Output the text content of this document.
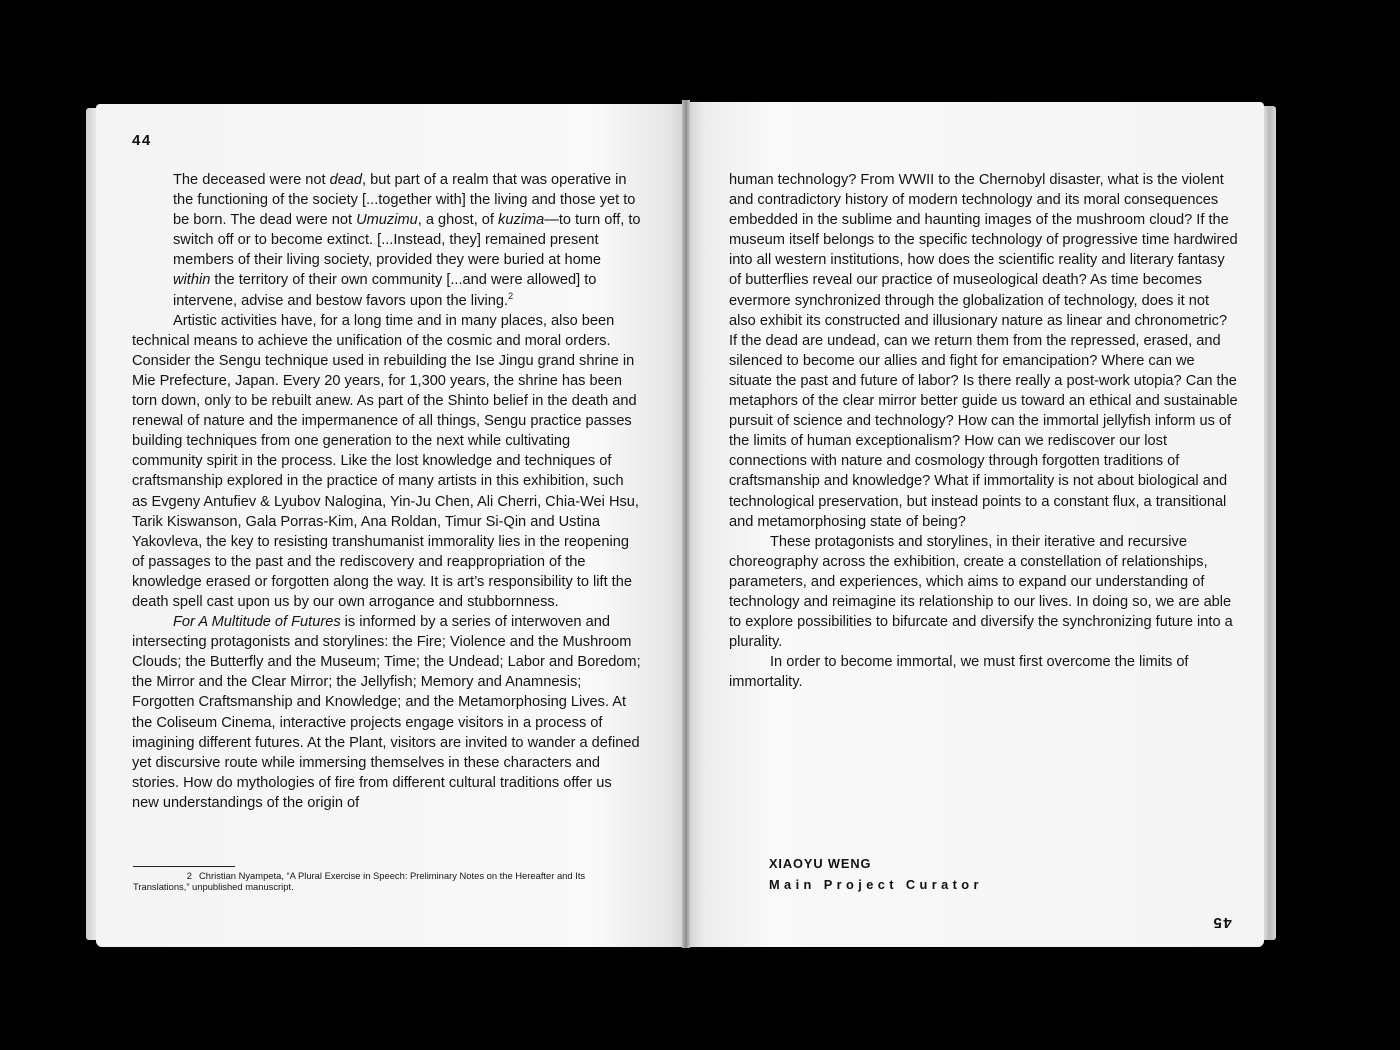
44

The deceased were not dead, but part of a realm that was operative in the functioning of the society [...together with] the living and those yet to be born. The dead were not Umuzimu, a ghost, of kuzima—to turn off, to switch off or to become extinct. [...Instead, they] remained present members of their living society, provided they were buried at home within the territory of their own community [...and were allowed] to intervene, advise and bestow favors upon the living.$^2$

Artistic activities have, for a long time and in many places, also been technical means to achieve the unification of the cosmic and moral orders. Consider the Sengu technique used in rebuilding the Ise Jingu grand shrine in Mie Prefecture, Japan. Every 20 years, for 1,300 years, the shrine has been torn down, only to be rebuilt anew. As part of the Shinto belief in the death and renewal of nature and the impermanence of all things, Sengu practice passes building techniques from one generation to the next while cultivating community spirit in the process. Like the lost knowledge and techniques of craftsmanship explored in the practice of many artists in this exhibition, such as Evgeny Antufiev & Lyubov Nalogina, Yin-Ju Chen, Ali Cherri, Chia-Wei Hsu, Tarik Kiswanson, Gala Porras-Kim, Ana Roldan, Timur Si-Qin and Ustina Yakovleva, the key to resisting transhumanist immorality lies in the reopening of passages to the past and the rediscovery and reappropriation of the knowledge erased or forgotten along the way. It is art’s responsibility to lift the death spell cast upon us by our own arrogance and stubbornness.

For A Multitude of Futures is informed by a series of interwoven and intersecting protagonists and storylines: the Fire; Violence and the Mushroom Clouds; the Butterfly and the Museum; Time; the Undead; Labor and Boredom; the Mirror and the Clear Mirror; the Jellyfish; Memory and Anamnesis; Forgotten Craftsmanship and Knowledge; and the Metamorphosing Lives. At the Coliseum Cinema, interactive projects engage visitors in a process of imagining different futures. At the Plant, visitors are invited to wander a defined yet discursive route while immersing themselves in these characters and stories. How do mythologies of fire from different cultural traditions offer us new understandings of the origin of

2 Christian Nyampeta, “A Plural Exercise in Speech: Preliminary Notes on the Hereafter and Its Translations,” unpublished manuscript.

human technology? From WWII to the Chernobyl disaster, what is the violent and contradictory history of modern technology and its moral consequences embedded in the sublime and haunting images of the mushroom cloud? If the museum itself belongs to the specific technology of progressive time hardwired into all western institutions, how does the scientific reality and literary fantasy of butterflies reveal our practice of museological death? As time becomes evermore synchronized through the globalization of technology, does it not also exhibit its constructed and illusionary nature as linear and chronometric? If the dead are undead, can we return them from the repressed, erased, and silenced to become our allies and fight for emancipation? Where can we situate the past and future of labor? Is there really a post-work utopia? Can the metaphors of the clear mirror better guide us toward an ethical and sustainable pursuit of science and technology? How can the immortal jellyfish inform us of the limits of human exceptionalism? How can we rediscover our lost connections with nature and cosmology through forgotten traditions of craftsmanship and knowledge? What if immortality is not about biological and technological preservation, but instead points to a constant flux, a transitional and metamorphosing state of being?

These protagonists and storylines, in their iterative and recursive choreography across the exhibition, create a constellation of relationships, parameters, and experiences, which aims to expand our understanding of technology and reimagine its relationship to our lives. In doing so, we are able to explore possibilities to bifurcate and diversify the synchronizing future into a plurality.

In order to become immortal, we must first overcome the limits of immortality.

XIAOYU WENG
Main Project Curator
45
